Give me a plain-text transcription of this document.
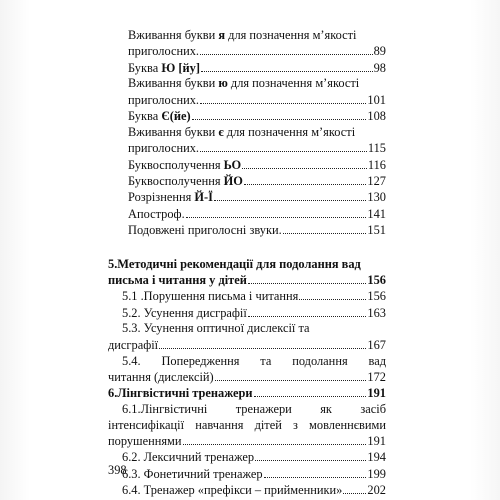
Вживання букви я для позначення м’якості
приголосних.	89
Буква Ю [йу]	98
Вживання букви ю для позначення м’якості
приголосних.	101
Буква Є(йе)	108
Вживання букви є для позначення м’якості
приголосних.	115
Буквосполучення ЬО	116
Буквосполучення ЙО	127
Розрізнення Й-Ї	130
Апостроф.	141
Подовжені приголосні звуки.	151
5.Методичні рекомендації для подолання вад
письма і читання у дітей	156
5.1 .Порушення письма і читання	156
5.2. Усунення дисграфії	163
5.3. Усунення оптичної дислексії та
дисграфії	167
5.4. Попередження та подолання вад
читання (дислексій)	172
6.Лінгвістичні тренажери	191
6.1.Лінгвістичні тренажери як засіб
інтенсифікації навчання дітей з мовленнєвими
порушеннями	191
6.2. Лексичний тренажер	194
6.3. Фонетичний тренажер	199
6.4. Тренажер «префікси – прийменники» 202
398
